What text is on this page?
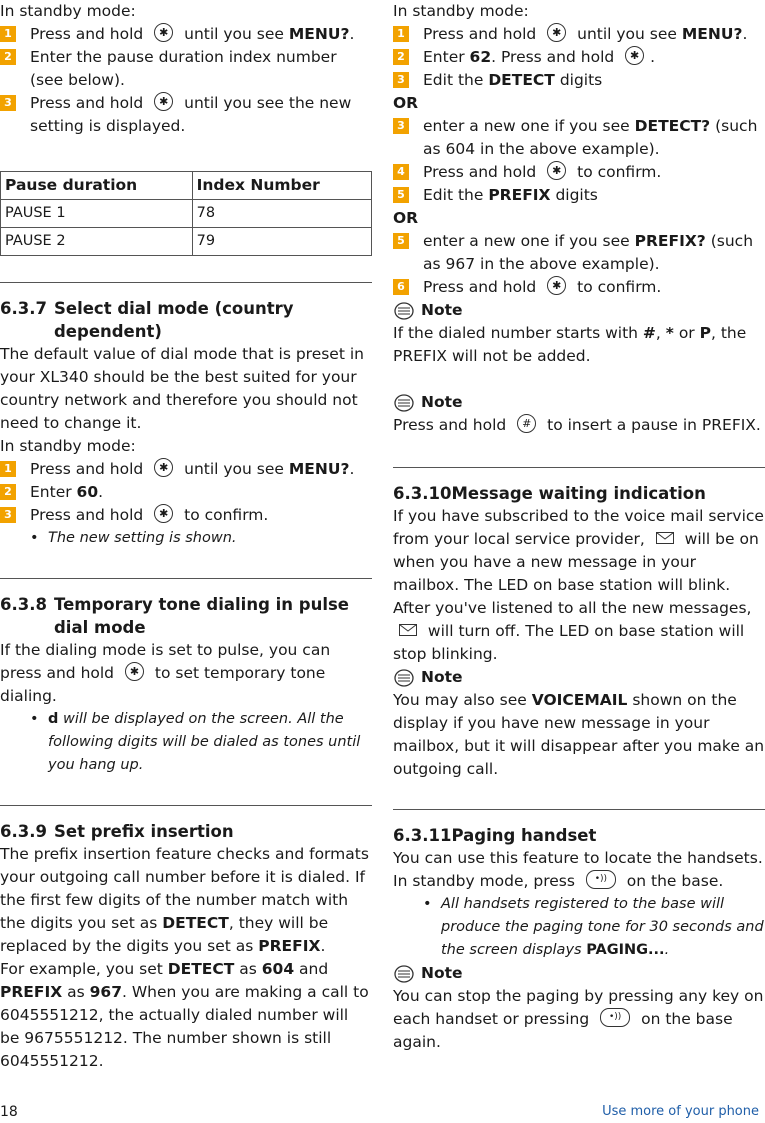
In standby mode:

1 Press and hold ✱ until you see MENU?.
2 Enter the pause duration index number (see below).
3 Press and hold ✱ until you see the new setting is displayed.
Pause duration	Index Number
PAUSE 1	78
PAUSE 2	79
6.3.7 Select dial mode (country dependent)

The default value of dial mode that is preset in your XL340 should be the best suited for your country network and therefore you should not need to change it.

In standby mode:

1 Press and hold ✱ until you see MENU?.
2 Enter 60.
3 Press and hold ✱ to confirm.
• The new setting is shown.
6.3.8 Temporary tone dialing in pulse dial mode

If the dialing mode is set to pulse, you can press and hold ✱ to set temporary tone dialing.

• d will be displayed on the screen. All the following digits will be dialed as tones until you hang up.
6.3.9 Set prefix insertion

The prefix insertion feature checks and formats your outgoing call number before it is dialed. If the first few digits of the number match with the digits you set as DETECT, they will be replaced by the digits you set as PREFIX.

For example, you set DETECT as 604 and PREFIX as 967. When you are making a call to 6045551212, the actually dialed number will be 9675551212. The number shown is still 6045551212.

In standby mode:

1 Press and hold ✱ until you see MENU?.
2 Enter 62. Press and hold ✱ .
3 Edit the DETECT digits

OR

3 enter a new one if you see DETECT? (such as 604 in the above example).
4 Press and hold ✱ to confirm.
5 Edit the PREFIX digits

OR

5 enter a new one if you see PREFIX? (such as 967 in the above example).
6 Press and hold ✱ to confirm.
Note

If the dialed number starts with #, * or P, the PREFIX will not be added.

Note

Press and hold # to insert a pause in PREFIX.

6.3.10 Message waiting indication

If you have subscribed to the voice mail service from your local service provider,  will be on when you have a new message in your mailbox. The LED on base station will blink.

After you've listened to all the new messages,  will turn off. The LED on base station will stop blinking.

Note

You may also see VOICEMAIL shown on the display if you have new message in your mailbox, but it will disappear after you make an outgoing call.

6.3.11 Paging handset

You can use this feature to locate the handsets.

In standby mode, press •)) on the base.

• All handsets registered to the base will produce the paging tone for 30 seconds and the screen displays PAGING....
Note

You can stop the paging by pressing any key on each handset or pressing •)) on the base again.

18	Use more of your phone
